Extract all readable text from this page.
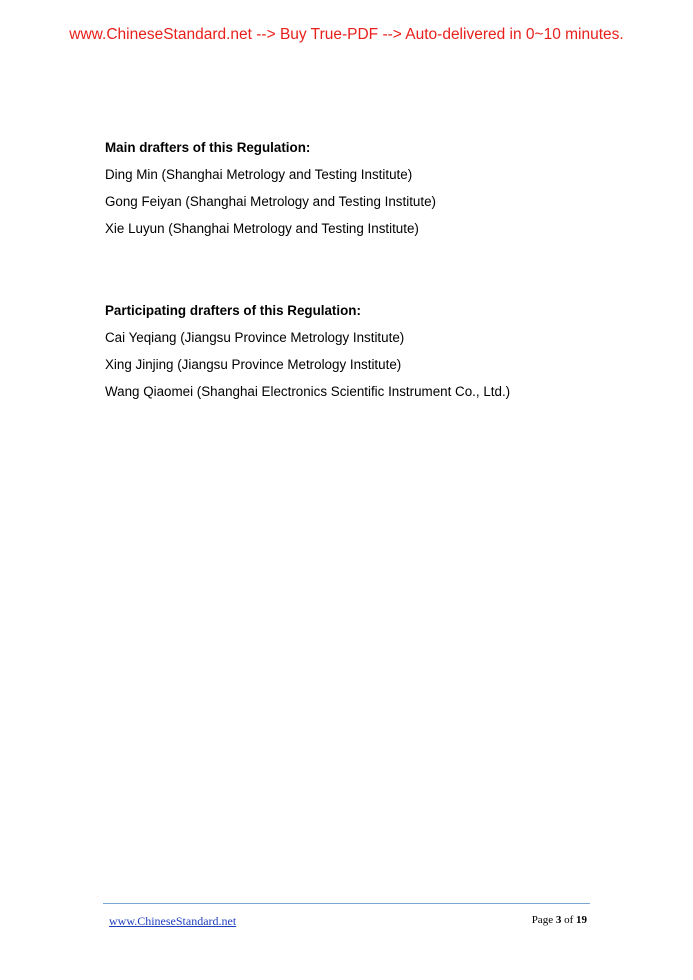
www.ChineseStandard.net --> Buy True-PDF --> Auto-delivered in 0~10 minutes.
Main drafters of this Regulation:
Ding Min (Shanghai Metrology and Testing Institute)
Gong Feiyan (Shanghai Metrology and Testing Institute)
Xie Luyun (Shanghai Metrology and Testing Institute)
Participating drafters of this Regulation:
Cai Yeqiang (Jiangsu Province Metrology Institute)
Xing Jinjing (Jiangsu Province Metrology Institute)
Wang Qiaomei (Shanghai Electronics Scientific Instrument Co., Ltd.)
www.ChineseStandard.net	Page 3 of 19
